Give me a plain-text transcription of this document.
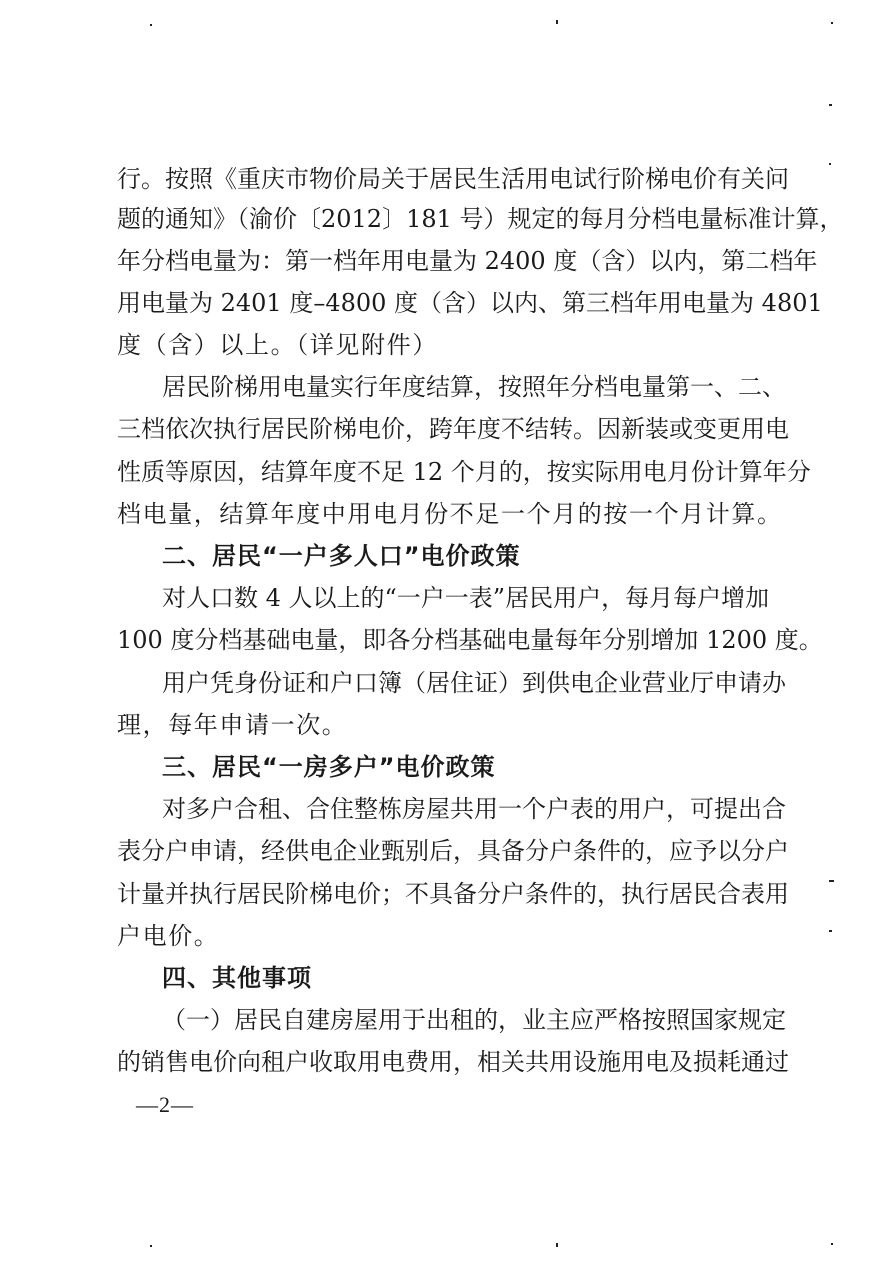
行。按照《重庆市物价局关于居民生活用电试行阶梯电价有关问
题的通知》（渝价〔2012〕181 号）规定的每月分档电量标准计算，
年分档电量为：第一档年用电量为 2400 度（含）以内，第二档年
用电量为 2401 度–4800 度（含）以内、第三档年用电量为 4801
度（含）以上。（详见附件）
居民阶梯用电量实行年度结算，按照年分档电量第一、二、
三档依次执行居民阶梯电价，跨年度不结转。因新装或变更用电
性质等原因，结算年度不足 12 个月的，按实际用电月份计算年分
档电量，结算年度中用电月份不足一个月的按一个月计算。
二、居民“一户多人口”电价政策
对人口数 4 人以上的“一户一表”居民用户，每月每户增加
100 度分档基础电量，即各分档基础电量每年分别增加 1200 度。
用户凭身份证和户口簿（居住证）到供电企业营业厅申请办
理，每年申请一次。
三、居民“一房多户”电价政策
对多户合租、合住整栋房屋共用一个户表的用户，可提出合
表分户申请，经供电企业甄别后，具备分户条件的，应予以分户
计量并执行居民阶梯电价；不具备分户条件的，执行居民合表用
户电价。
四、其他事项
（一）居民自建房屋用于出租的，业主应严格按照国家规定
的销售电价向租户收取用电费用，相关共用设施用电及损耗通过
—2—
